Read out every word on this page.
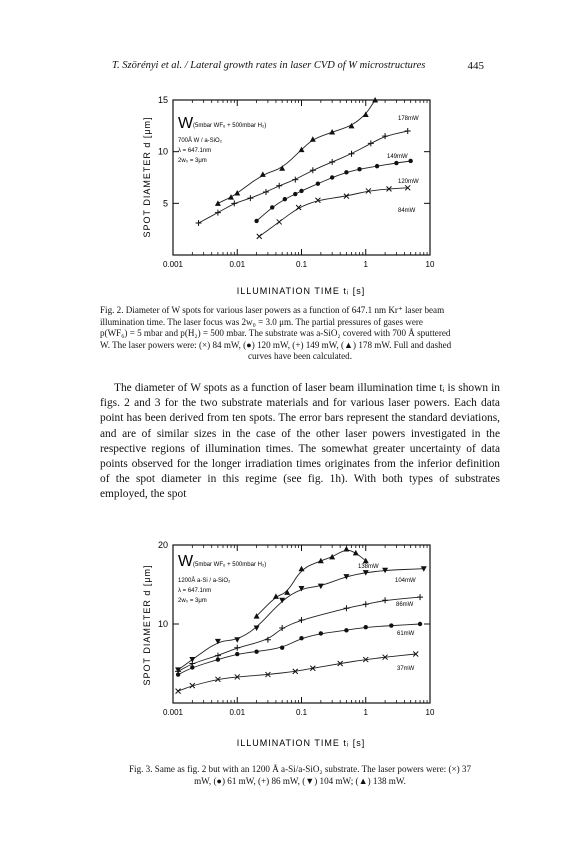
T. Szörényi et al. / Lateral growth rates in laser CVD of W microstructures	445
0.001	0.01	0.1	1	10
5
10
15
SPOT DIAMETER d [μm]
ILLUMINATION TIME tᵢ [s]
W (5mbar WF₆ + 500mbar H₂)
700Å W / a-SiO₂
λ = 647.1nm
2w₀ = 3μm
178mW
149mW
120mW
84mW
Fig. 2. Diameter of W spots for various laser powers as a function of 647.1 nm Kr⁺ laser beam
illumination time. The laser focus was 2w₀ = 3.0 μm. The partial pressures of gases were
p(WF₆) = 5 mbar and p(H₂) = 500 mbar. The substrate was a-SiO₂ covered with 700 Å sputtered
W. The laser powers were: (×) 84 mW, (●) 120 mW, (+) 149 mW, (▲) 178 mW. Full and dashed
curves have been calculated.

The diameter of W spots as a function of laser beam illumination time tᵢ is shown in figs. 2 and 3 for the two substrate materials and for various laser powers. Each data point has been derived from ten spots. The error bars represent the standard deviations, and are of similar sizes in the case of the other laser powers investigated in the respective regions of illumination times. The somewhat greater uncertainty of data points observed for the longer irradiation times originates from the inferior definition of the spot diameter in this regime (see fig. 1h). With both types of substrates employed, the spot

0.001	0.01	0.1	1	10
10
20
SPOT DIAMETER d [μm]
ILLUMINATION TIME tᵢ [s]
W (5mbar WF₆ + 500mbar H₂)
1200Å a-Si / a-SiO₂
λ = 647.1nm
2w₀ = 3μm
138mW
104mW
86mW
61mW
37mW
Fig. 3. Same as fig. 2 but with an 1200 Å a-Si/a-SiO₂ substrate. The laser powers were: (×) 37
mW, (●) 61 mW, (+) 86 mW, (▼) 104 mW; (▲) 138 mW.
